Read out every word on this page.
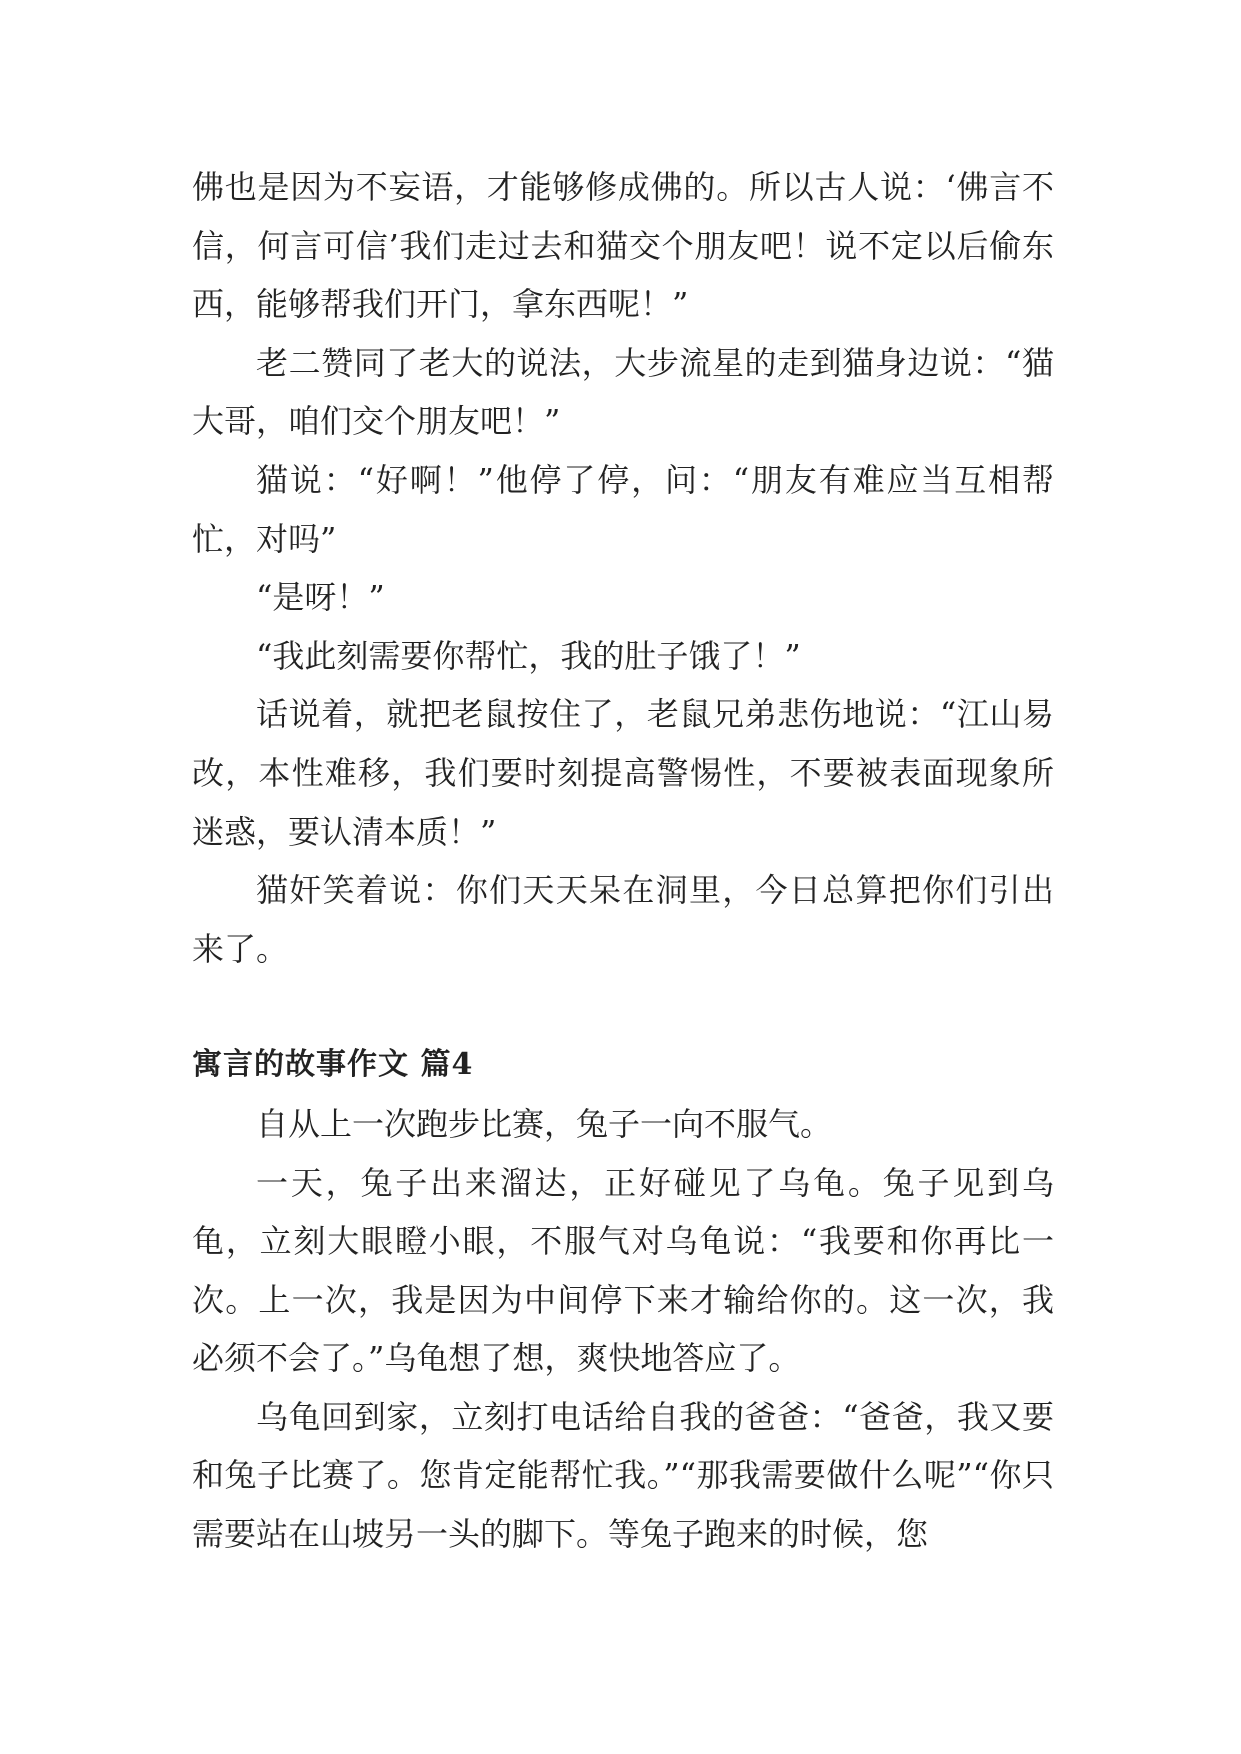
佛也是因为不妄语，才能够修成佛的。所以古人说：‘佛言不信，何言可信’我们走过去和猫交个朋友吧！说不定以后偷东西，能够帮我们开门，拿东西呢！”

老二赞同了老大的说法，大步流星的走到猫身边说：“猫大哥，咱们交个朋友吧！”

猫说：“好啊！”他停了停，问：“朋友有难应当互相帮忙，对吗”

“是呀！”

“我此刻需要你帮忙，我的肚子饿了！”

话说着，就把老鼠按住了，老鼠兄弟悲伤地说：“江山易改，本性难移，我们要时刻提高警惕性，不要被表面现象所迷惑，要认清本质！”

猫奸笑着说：你们天天呆在洞里，今日总算把你们引出来了。

寓言的故事作文 篇4

自从上一次跑步比赛，兔子一向不服气。

一天，兔子出来溜达，正好碰见了乌龟。兔子见到乌龟，立刻大眼瞪小眼，不服气对乌龟说：“我要和你再比一次。上一次，我是因为中间停下来才输给你的。这一次，我必须不会了。”乌龟想了想，爽快地答应了。

乌龟回到家，立刻打电话给自我的爸爸：“爸爸，我又要和兔子比赛了。您肯定能帮忙我。”“那我需要做什么呢”“你只需要站在山坡另一头的脚下。等兔子跑来的时候，您
